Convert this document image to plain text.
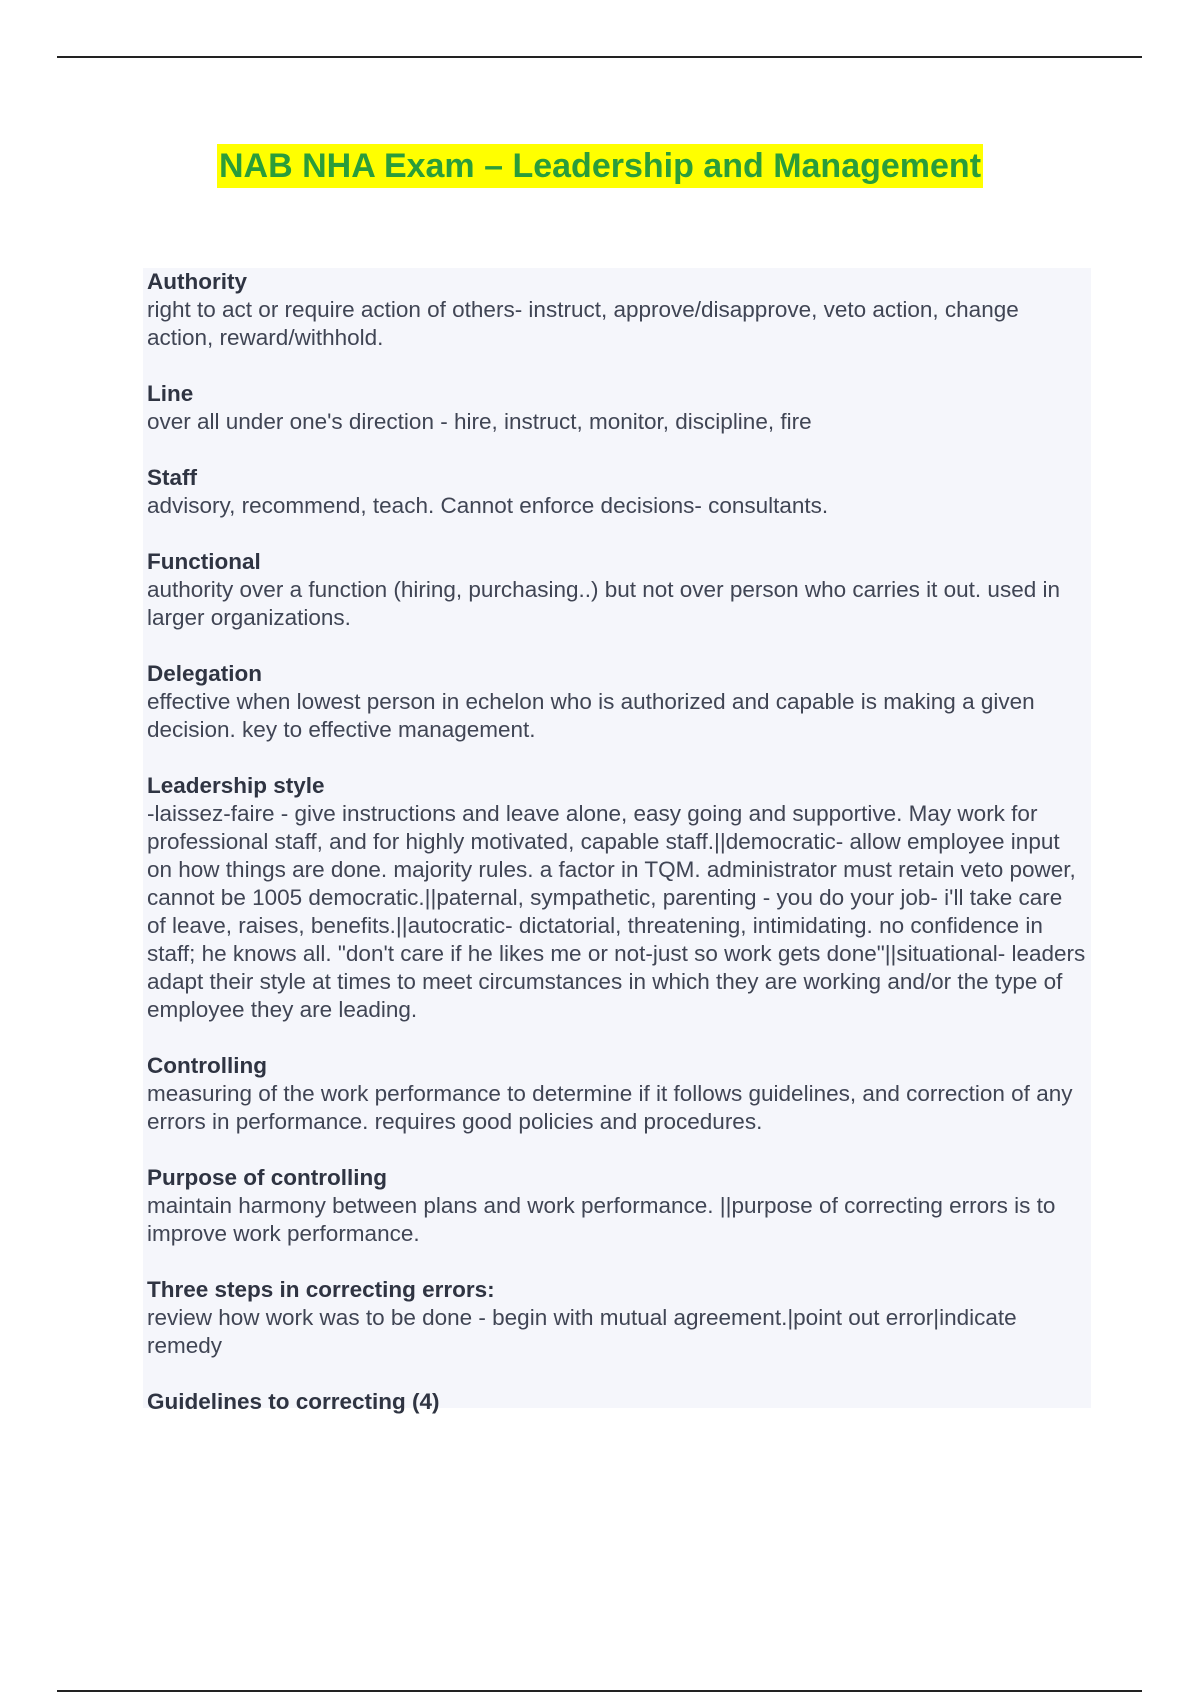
NAB NHA Exam – Leadership and Management
Authority
right to act or require action of others- instruct, approve/disapprove, veto action, change action, reward/withhold.
Line
over all under one's direction - hire, instruct, monitor, discipline, fire
Staff
advisory, recommend, teach. Cannot enforce decisions- consultants.
Functional
authority over a function (hiring, purchasing..) but not over person who carries it out. used in larger organizations.
Delegation
effective when lowest person in echelon who is authorized and capable is making a given decision. key to effective management.
Leadership style
-laissez-faire - give instructions and leave alone, easy going and supportive. May work for professional staff, and for highly motivated, capable staff.||democratic- allow employee input on how things are done. majority rules. a factor in TQM. administrator must retain veto power, cannot be 1005 democratic.||paternal, sympathetic, parenting - you do your job- i'll take care of leave, raises, benefits.||autocratic- dictatorial, threatening, intimidating. no confidence in staff; he knows all. "don't care if he likes me or not-just so work gets done"||situational- leaders adapt their style at times to meet circumstances in which they are working and/or the type of employee they are leading.
Controlling
measuring of the work performance to determine if it follows guidelines, and correction of any errors in performance. requires good policies and procedures.
Purpose of controlling
maintain harmony between plans and work performance. ||purpose of correcting errors is to improve work performance.
Three steps in correcting errors:
review how work was to be done - begin with mutual agreement.|point out error|indicate remedy
Guidelines to correcting (4)
